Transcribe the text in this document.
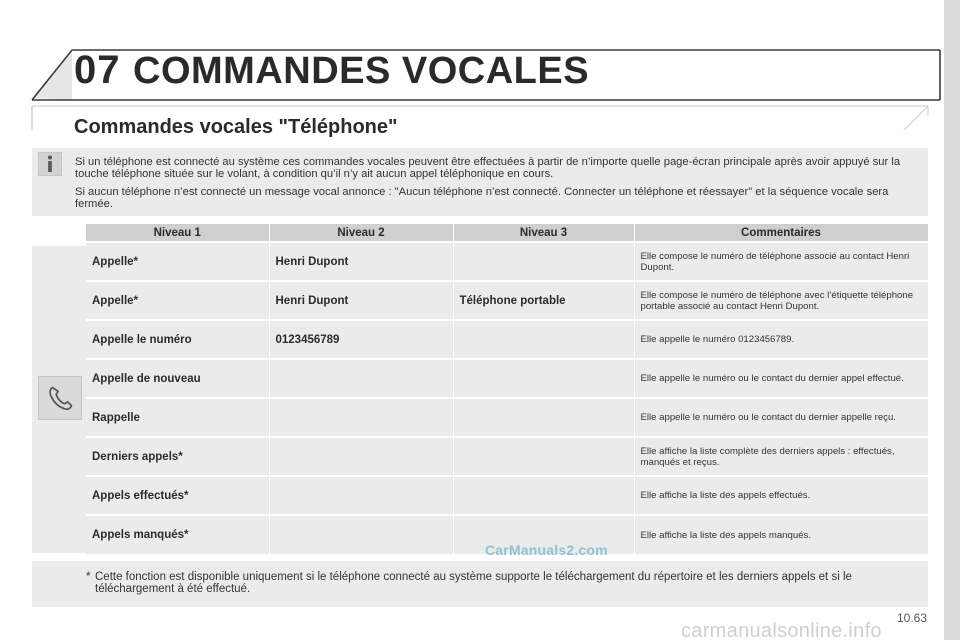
07 COMMANDES VOCALES
Commandes vocales "Téléphone"

Si un téléphone est connecté au système ces commandes vocales peuvent être effectuées à partir de n’importe quelle page-écran principale après avoir appuyé sur la touche téléphone située sur le volant, à condition qu’il n’y ait aucun appel téléphonique en cours.

Si aucun téléphone n’est connecté un message vocal annonce : "Aucun téléphone n’est connecté. Connecter un téléphone et réessayer" et la séquence vocale sera fermée.

Niveau 1	Niveau 2	Niveau 3	Commentaires
Appelle*	Henri Dupont		Elle compose le numéro de téléphone associé au contact Henri Dupont.
Appelle*	Henri Dupont	Téléphone portable	Elle compose le numéro de téléphone avec l’étiquette téléphone portable associé au contact Henri Dupont.
Appelle le numéro	0123456789		Elle appelle le numéro 0123456789.
Appelle de nouveau			Elle appelle le numéro ou le contact du dernier appel effectué.
Rappelle			Elle appelle le numéro ou le contact du dernier appelle reçu.
Derniers appels*			Elle affiche la liste complète des derniers appels : effectués, manqués et reçus.
Appels effectués*			Elle affiche la liste des appels effectués.
Appels manqués*			Elle affiche la liste des appels manqués.
* Cette fonction est disponible uniquement si le téléphone connecté au système supporte le téléchargement du répertoire et les derniers appels et si le téléchargement à été effectué.
CarManuals2.com
10.63
carmanualsonline.info
